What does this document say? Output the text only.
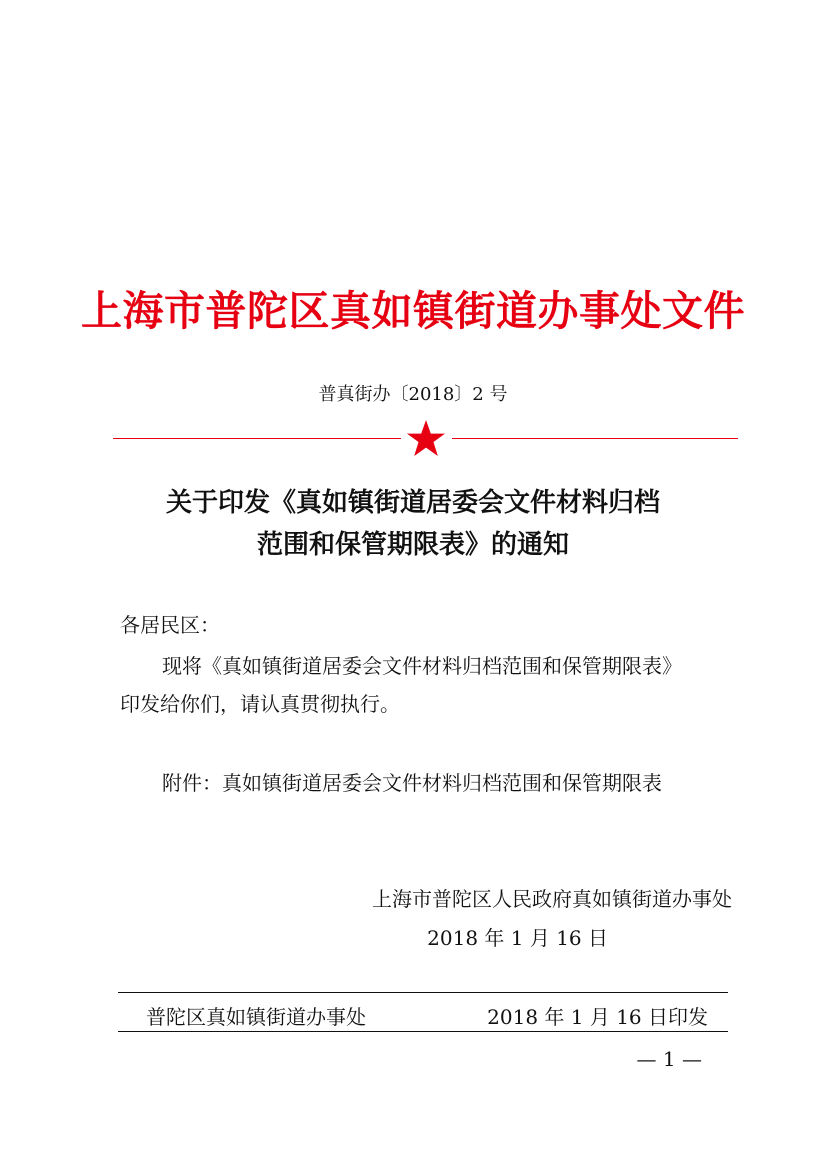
上海市普陀区真如镇街道办事处文件
普真街办〔2018〕2 号
关于印发《真如镇街道居委会文件材料归档
范围和保管期限表》的通知
各居民区：
现将《真如镇街道居委会文件材料归档范围和保管期限表》
印发给你们，请认真贯彻执行。
附件：真如镇街道居委会文件材料归档范围和保管期限表
上海市普陀区人民政府真如镇街道办事处
2018 年 1 月 16 日
普陀区真如镇街道办事处	2018 年 1 月 16 日印发
— 1 —
